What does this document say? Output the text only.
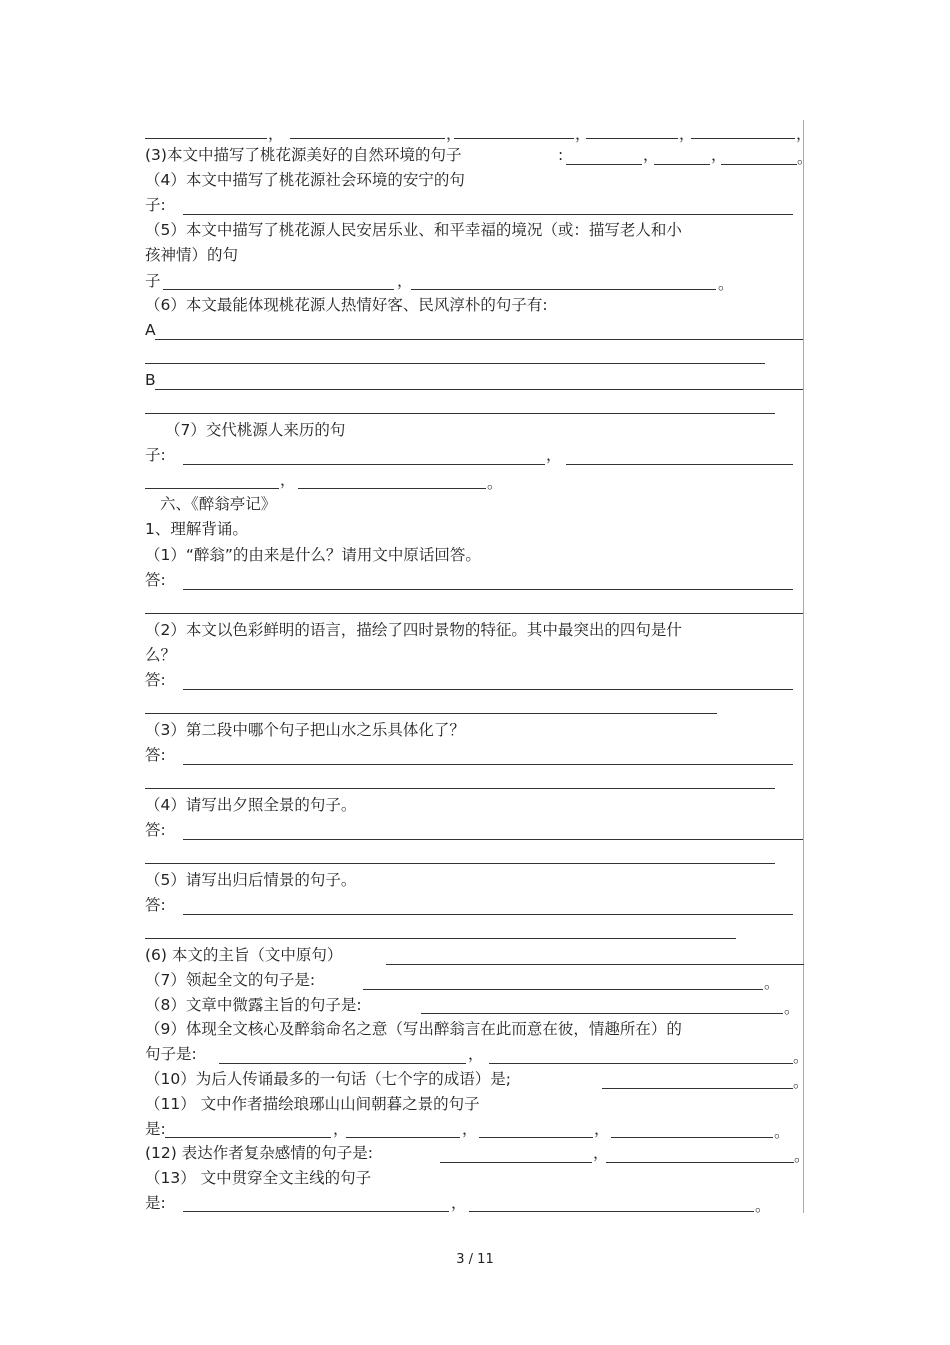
，	，	，	，	，
(3)本文中描写了桃花源美好的自然环境的句子	:	，	，	。
（4）本文中描写了桃花源社会环境的安宁的句
子:
（5）本文中描写了桃花源人民安居乐业、和平幸福的境况（或：描写老人和小
孩神情）的句
子	，	。
（6）本文最能体现桃花源人热情好客、民风淳朴的句子有:
A
B
（7）交代桃源人来历的句
子:	，
，	。
六、《醉翁亭记》
1、理解背诵。
（1）“醉翁”的由来是什么？请用文中原话回答。
答:
（2）本文以色彩鲜明的语言，描绘了四时景物的特征。其中最突出的四句是什
么？
答:
（3）第二段中哪个句子把山水之乐具体化了？
答:
（4）请写出夕照全景的句子。
答:
（5）请写出归后情景的句子。
答:
(6) 本文的主旨（文中原句）
（7）领起全文的句子是:	。
（8）文章中微露主旨的句子是:	。
（9）体现全文核心及醉翁命名之意（写出醉翁言在此而意在彼，情趣所在）的
句子是:	，	。
（10）为后人传诵最多的一句话（七个字的成语）是;	。
（11） 文中作者描绘琅琊山山间朝暮之景的句子
是:	，	，	，	。
(12) 表达作者复杂感情的句子是:	，	。
（13） 文中贯穿全文主线的句子
是:	，	。
3 / 11
